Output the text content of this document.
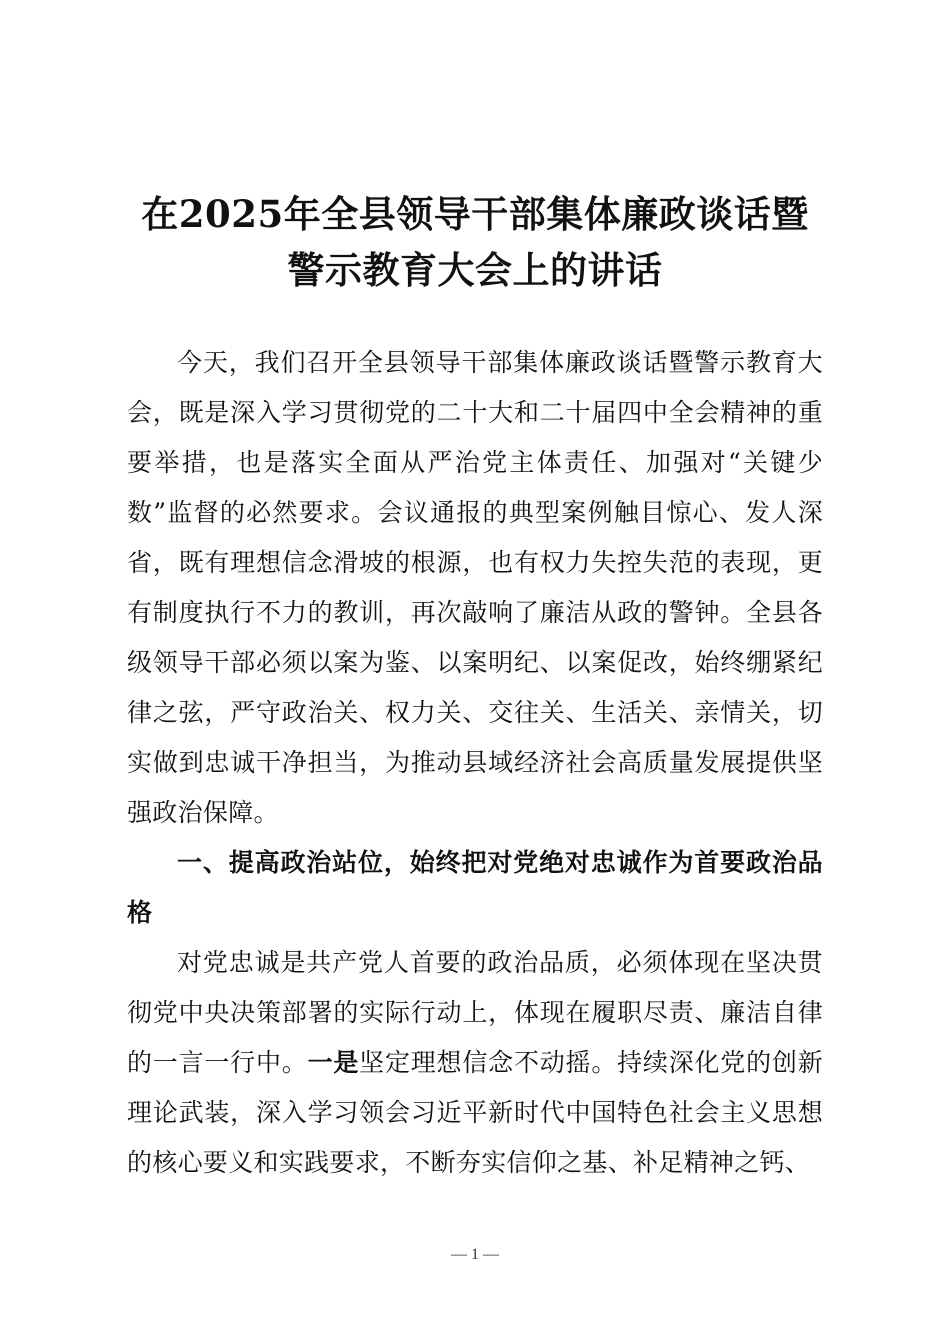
在2025年全县领导干部集体廉政谈话暨
警示教育大会上的讲话

今天，我们召开全县领导干部集体廉政谈话暨警示教育大会，既是深入学习贯彻党的二十大和二十届四中全会精神的重要举措，也是落实全面从严治党主体责任、加强对“关键少数”监督的必然要求。会议通报的典型案例触目惊心、发人深省，既有理想信念滑坡的根源，也有权力失控失范的表现，更有制度执行不力的教训，再次敲响了廉洁从政的警钟。全县各级领导干部必须以案为鉴、以案明纪、以案促改，始终绷紧纪律之弦，严守政治关、权力关、交往关、生活关、亲情关，切实做到忠诚干净担当，为推动县域经济社会高质量发展提供坚强政治保障。

一、提高政治站位，始终把对党绝对忠诚作为首要政治品格

对党忠诚是共产党人首要的政治品质，必须体现在坚决贯彻党中央决策部署的实际行动上，体现在履职尽责、廉洁自律的一言一行中。一是坚定理想信念不动摇。持续深化党的创新理论武装，深入学习领会习近平新时代中国特色社会主义思想的核心要义和实践要求，不断夯实信仰之基、补足精神之钙、

— 1 —
